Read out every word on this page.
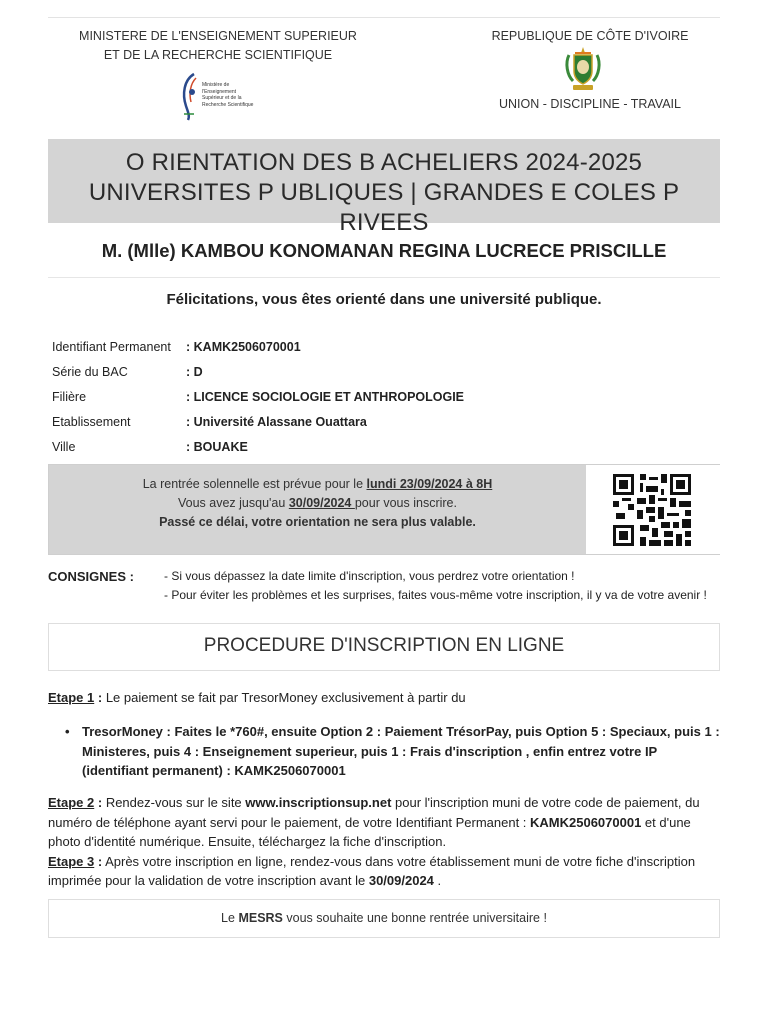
MINISTERE DE L'ENSEIGNEMENT SUPERIEUR
ET DE LA RECHERCHE SCIENTIFIQUE
Ministère de l'Enseignement
Supérieur et de la
Recherche Scientifique
REPUBLIQUE DE CÔTE D'IVOIRE
UNION - DISCIPLINE - TRAVAIL
O RIENTATION DES B ACHELIERS 2024-2025
UNIVERSITES P UBLIQUES | GRANDES E COLES P RIVEES
M. (Mlle) KAMBOU KONOMANAN REGINA LUCRECE PRISCILLE
Félicitations, vous êtes orienté dans une université publique.
Identifiant Permanent	: KAMK2506070001
Série du BAC	: D
Filière	: LICENCE SOCIOLOGIE ET ANTHROPOLOGIE
Etablissement	: Université Alassane Ouattara
Ville	: BOUAKE
La rentrée solennelle est prévue pour le lundi 23/09/2024 à 8H
Vous avez jusqu'au 30/09/2024 pour vous inscrire.
Passé ce délai, votre orientation ne sera plus valable.
CONSIGNES :	- Si vous dépassez la date limite d'inscription, vous perdrez votre orientation !
- Pour éviter les problèmes et les surprises, faites vous-même votre inscription, il y va de votre avenir !
PROCEDURE D'INSCRIPTION EN LIGNE
Etape 1 : Le paiement se fait par TresorMoney exclusivement à partir du
• TresorMoney : Faites le *760#, ensuite Option 2 : Paiement TrésorPay, puis Option 5 : Speciaux, puis 1 : Ministeres, puis 4 : Enseignement superieur, puis 1 : Frais d'inscription , enfin entrez votre IP (identifiant permanent) : KAMK2506070001
Etape 2 : Rendez-vous sur le site www.inscriptionsup.net pour l'inscription muni de votre code de paiement, du numéro de téléphone ayant servi pour le paiement, de votre Identifiant Permanent : KAMK2506070001 et d'une photo d'identité numérique. Ensuite, téléchargez la fiche d'inscription.
Etape 3 : Après votre inscription en ligne, rendez-vous dans votre établissement muni de votre fiche d'inscription imprimée pour la validation de votre inscription avant le 30/09/2024 .
Le MESRS vous souhaite une bonne rentrée universitaire !
